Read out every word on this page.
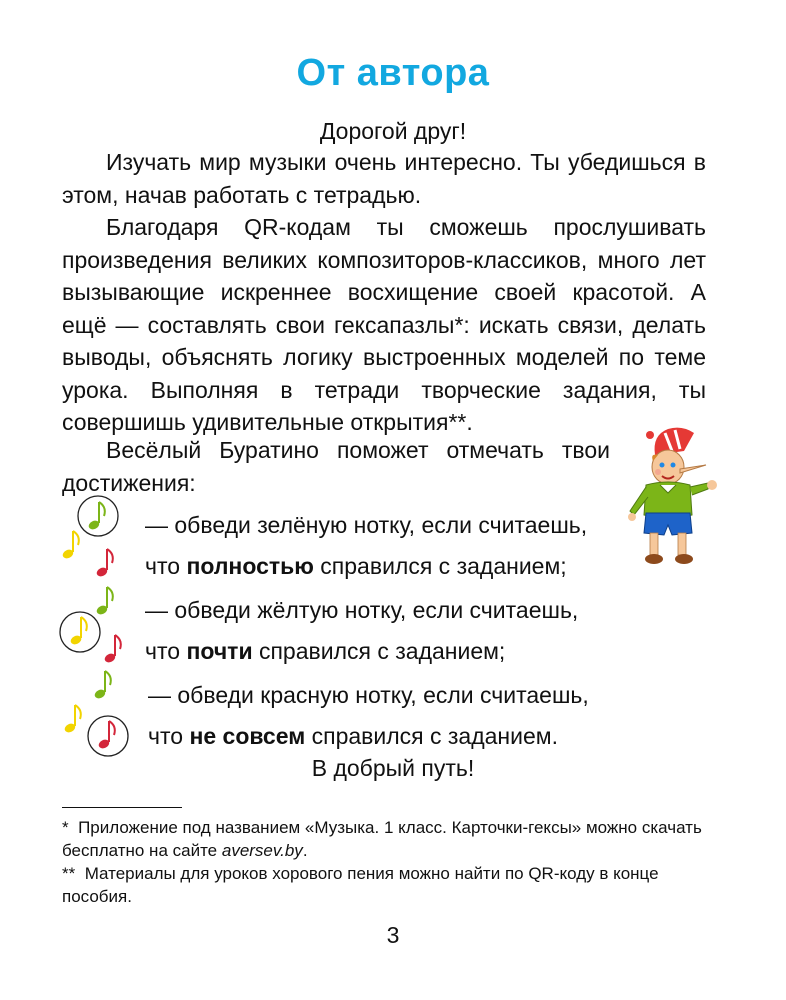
От автора
Дорогой друг!

Изучать мир музыки очень интересно. Ты убедишься в этом, начав работать с тетрадью.

Благодаря QR-кодам ты сможешь прослушивать произведения великих композиторов-классиков, много лет вызывающие искреннее восхищение своей красотой. А ещё — составлять свои гексапазлы*: искать связи, делать выводы, объяснять логику выстроенных моделей по теме урока. Выполняя в тетради творческие задания, ты совершишь удивительные открытия**.

Весёлый Буратино поможет отмечать твои
достижения:
— обведи зелёную нотку, если считаешь,
что полностью справился с заданием;
— обведи жёлтую нотку, если считаешь,
что почти справился с заданием;
— обведи красную нотку, если считаешь,
что не совсем справился с заданием.
В добрый путь!
* Приложение под названием «Музыка. 1 класс. Карточки-гексы» можно скачать бесплатно на сайте aversev.by.
** Материалы для уроков хорового пения можно найти по QR-коду в конце пособия.
3
